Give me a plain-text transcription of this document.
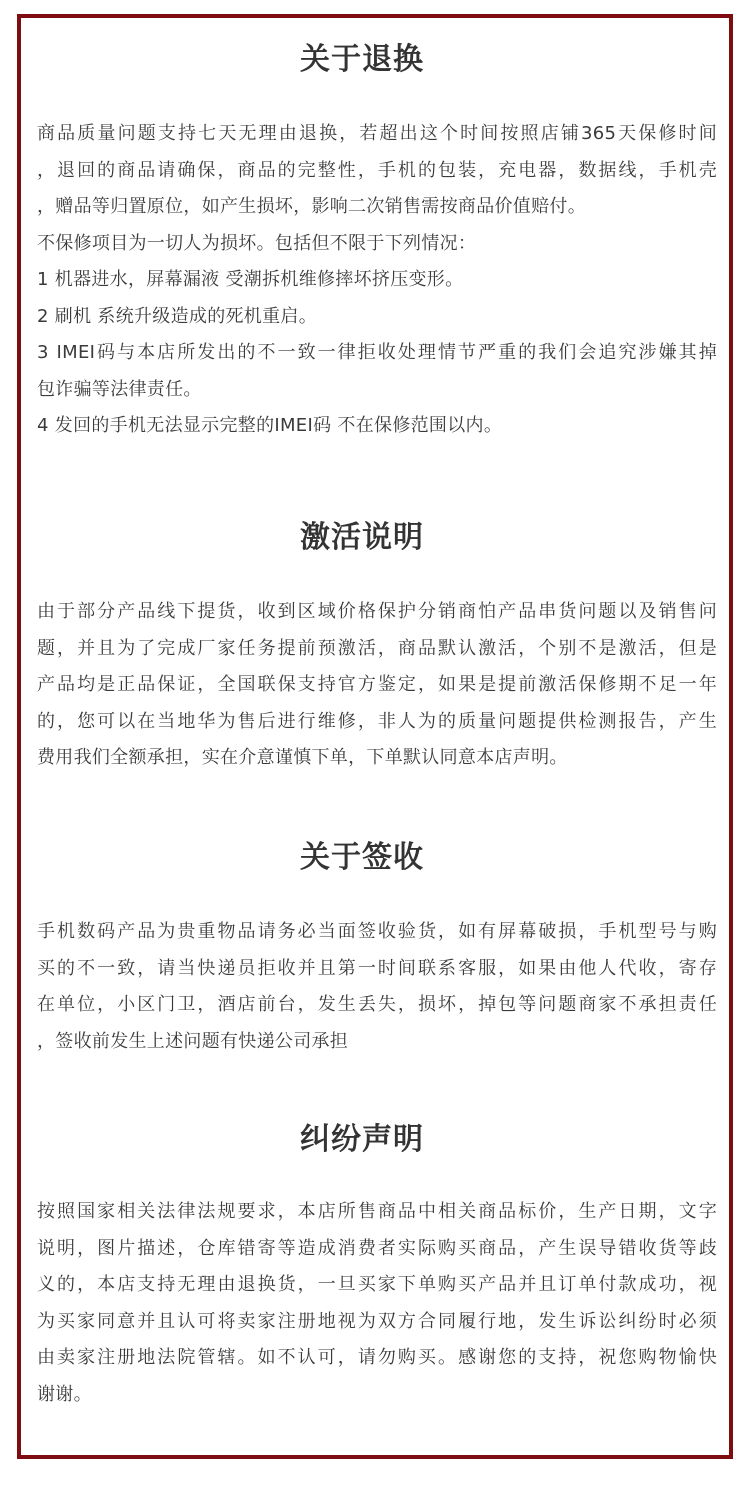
关于退换

商品质量问题支持七天无理由退换，若超出这个时间按照店铺365天保修时间
，退回的商品请确保，商品的完整性，手机的包装，充电器，数据线，手机壳
，赠品等归置原位，如产生损坏，影响二次销售需按商品价值赔付。
不保修项目为一切人为损坏。包括但不限于下列情况：
1 机器进水，屏幕漏液 受潮拆机维修摔坏挤压变形。
2 刷机 系统升级造成的死机重启。
3 IMEI码与本店所发出的不一致一律拒收处理情节严重的我们会追究涉嫌其掉
包诈骗等法律责任。
4 发回的手机无法显示完整的IMEI码 不在保修范围以内。

激活说明

由于部分产品线下提货，收到区域价格保护分销商怕产品串货问题以及销售问
题，并且为了完成厂家任务提前预激活，商品默认激活，个别不是激活，但是
产品均是正品保证，全国联保支持官方鉴定，如果是提前激活保修期不足一年
的，您可以在当地华为售后进行维修，非人为的质量问题提供检测报告，产生
费用我们全额承担，实在介意谨慎下单，下单默认同意本店声明。

关于签收

手机数码产品为贵重物品请务必当面签收验货，如有屏幕破损，手机型号与购
买的不一致，请当快递员拒收并且第一时间联系客服，如果由他人代收，寄存
在单位，小区门卫，酒店前台，发生丢失，损坏，掉包等问题商家不承担责任
，签收前发生上述问题有快递公司承担

纠纷声明

按照国家相关法律法规要求，本店所售商品中相关商品标价，生产日期，文字
说明，图片描述，仓库错寄等造成消费者实际购买商品，产生误导错收货等歧
义的，本店支持无理由退换货，一旦买家下单购买产品并且订单付款成功，视
为买家同意并且认可将卖家注册地视为双方合同履行地，发生诉讼纠纷时必须
由卖家注册地法院管辖。如不认可，请勿购买。感谢您的支持，祝您购物愉快
谢谢。
